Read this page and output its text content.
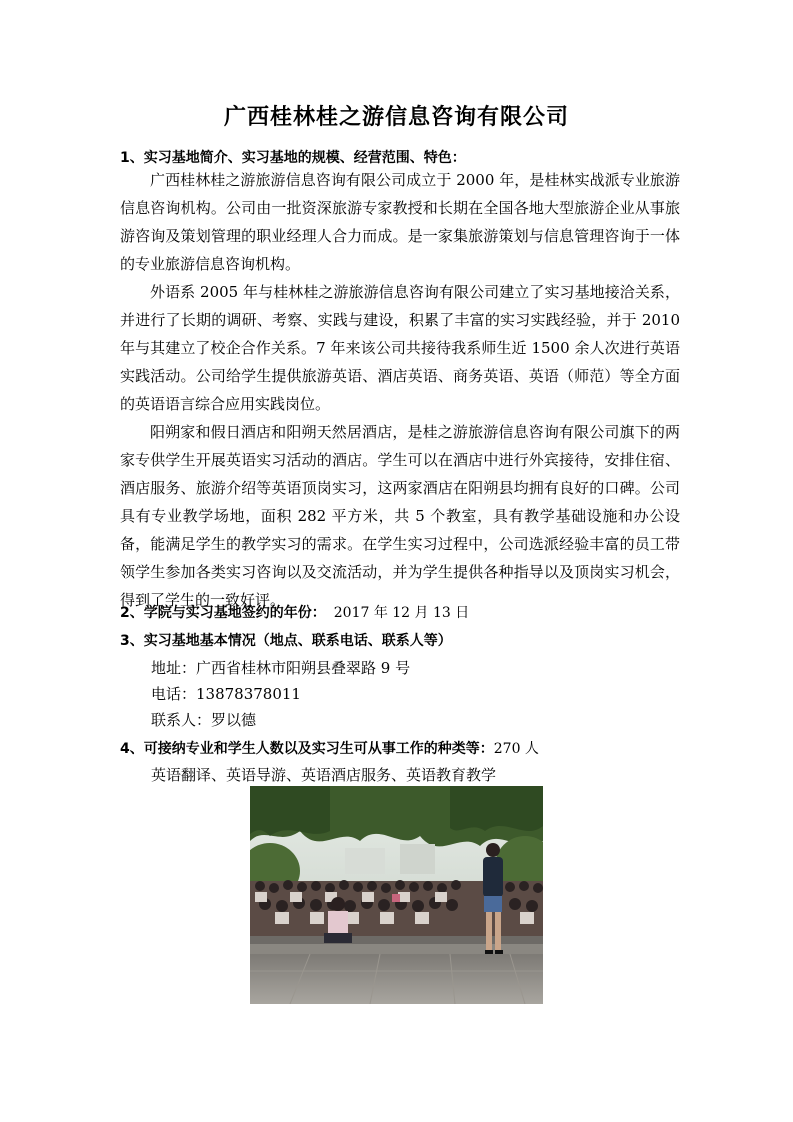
广西桂林桂之游信息咨询有限公司
1、实习基地简介、实习基地的规模、经营范围、特色：
广西桂林桂之游旅游信息咨询有限公司成立于 2000 年，是桂林实战派专业旅游信息咨询机构。公司由一批资深旅游专家教授和长期在全国各地大型旅游企业从事旅游咨询及策划管理的职业经理人合力而成。是一家集旅游策划与信息管理咨询于一体的专业旅游信息咨询机构。
外语系 2005 年与桂林桂之游旅游信息咨询有限公司建立了实习基地接洽关系，并进行了长期的调研、考察、实践与建设，积累了丰富的实习实践经验，并于 2010 年与其建立了校企合作关系。7 年来该公司共接待我系师生近 1500 余人次进行英语实践活动。公司给学生提供旅游英语、酒店英语、商务英语、英语（师范）等全方面的英语语言综合应用实践岗位。
阳朔家和假日酒店和阳朔天然居酒店，是桂之游旅游信息咨询有限公司旗下的两家专供学生开展英语实习活动的酒店。学生可以在酒店中进行外宾接待，安排住宿、酒店服务、旅游介绍等英语顶岗实习，这两家酒店在阳朔县均拥有良好的口碑。公司具有专业教学场地，面积 282 平方米，共 5 个教室，具有教学基础设施和办公设备，能满足学生的教学实习的需求。在学生实习过程中，公司选派经验丰富的员工带领学生参加各类实习咨询以及交流活动，并为学生提供各种指导以及顶岗实习机会，得到了学生的一致好评。
2、学院与实习基地签约的年份： 2017 年 12 月 13 日
3、实习基地基本情况（地点、联系电话、联系人等）
地址：广西省桂林市阳朔县叠翠路 9 号
电话：13878378011
联系人：罗以德
4、可接纳专业和学生人数以及实习生可从事工作的种类等：270 人
英语翻译、英语导游、英语酒店服务、英语教育教学
